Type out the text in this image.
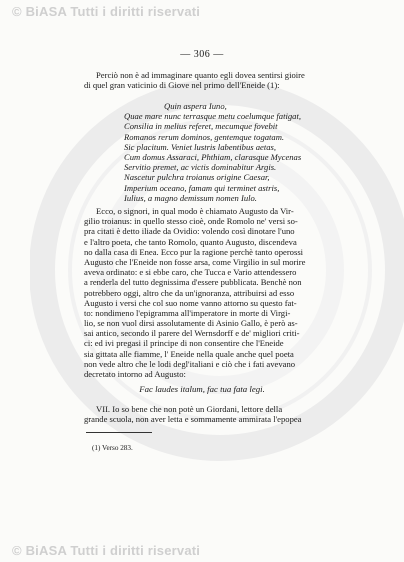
© BiASA Tutti i diritti riservati
— 306 —
Perciò non è ad immaginare quanto egli dovea sentirsi gioire
di quel gran vaticinio di Giove nel primo dell'Eneide (1):
Quin aspera Iuno,
Quae mare nunc terrasque metu coelumque fatigat,
Consilia in melius referet, mecumque fovebit
Romanos rerum dominos, gentemque togatam.
Sic placitum. Veniet lustris labentibus aetas,
Cum domus Assaraci, Phthiam, clarasque Mycenas
Servitio premet, ac victis dominabitur Argis.
Nascetur pulchra troianus origine Caesar,
Imperium oceano, famam qui terminet astris,
Iulius, a magno demissum nomen Iulo.
Ecco, o signori, in qual modo è chiamato Augusto da Vir-
gilio troianus: in quello stesso cioè, onde Romolo ne' versi so-
pra citati è detto iliade da Ovidio: volendo così dinotare l'uno
e l'altro poeta, che tanto Romolo, quanto Augusto, discendeva
no dalla casa di Enea. Ecco pur la ragione perchè tanto operossi
Augusto che l'Eneide non fosse arsa, come Virgilio in sul morire
aveva ordinato: e si ebbe caro, che Tucca e Vario attendessero
a renderla del tutto degnissima d'essere pubblicata. Benchè non
potrebbero oggi, altro che da un'ignoranza, attribuirsi ad esso
Augusto i versi che col suo nome vanno attorno su questo fat-
to: nondimeno l'epigramma all'imperatore in morte di Virgi-
lio, se non vuol dirsi assolutamente di Asinio Gallo, è però as-
sai antico, secondo il parere del Wernsdorff e de' migliori criti-
ci: ed ivi pregasi il principe di non consentire che l'Eneide
sia gittata alle fiamme, l' Eneide nella quale anche quel poeta
non vede altro che le lodi degl'italiani e ciò che i fati avevano
decretato intorno ad Augusto:
Fac laudes italum, fac tua fata legi.
VII. Io so bene che non potè un Giordani, lettore della
grande scuola, non aver letta e sommamente ammirata l'epopea
(1) Verso 283.
© BiASA Tutti i diritti riservati
